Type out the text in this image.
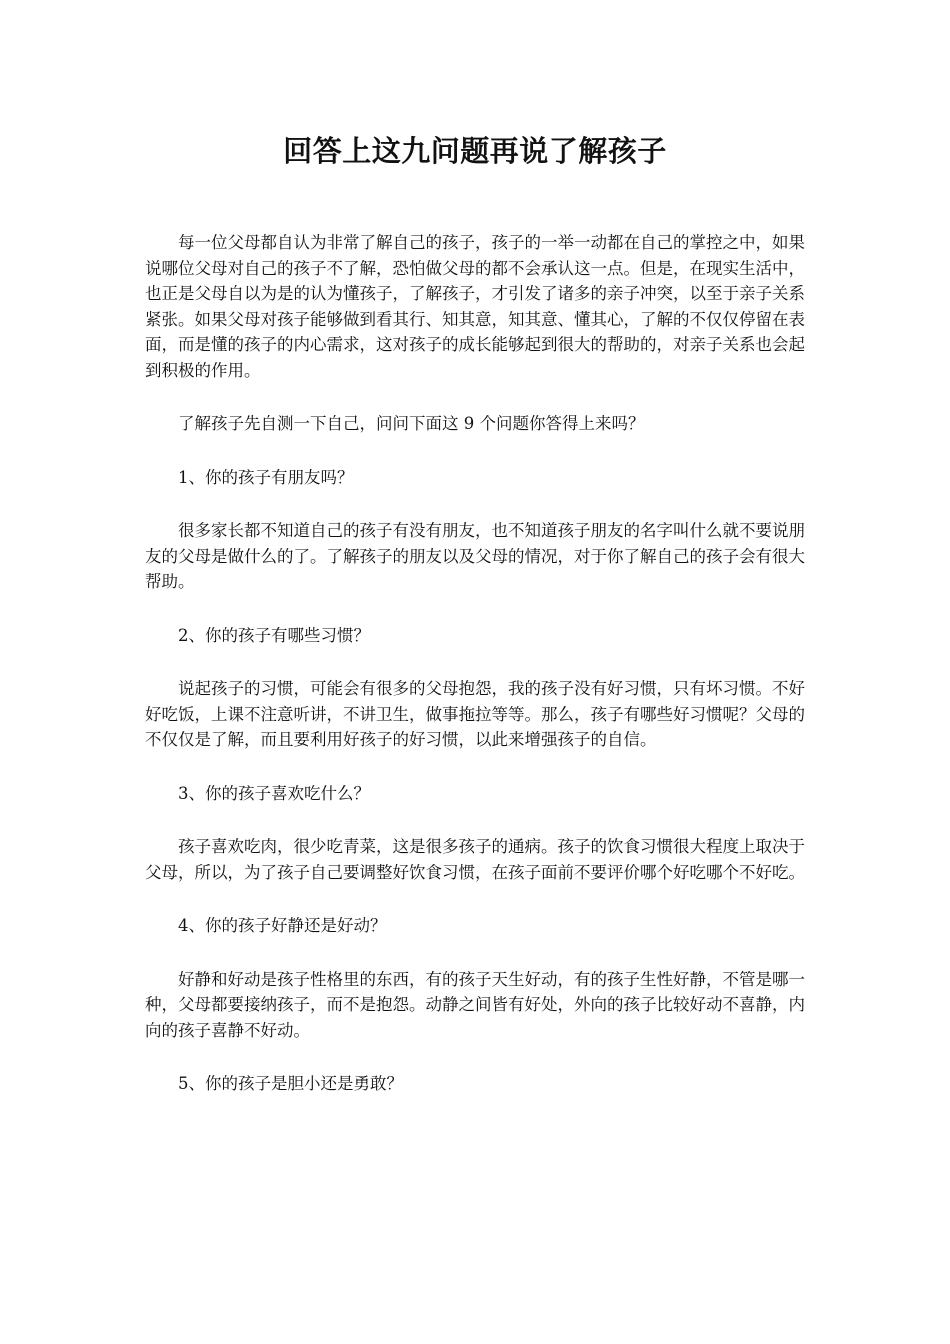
回答上这九问题再说了解孩子

每一位父母都自认为非常了解自己的孩子，孩子的一举一动都在自己的掌控之中，如果说哪位父母对自己的孩子不了解，恐怕做父母的都不会承认这一点。但是，在现实生活中，也正是父母自以为是的认为懂孩子，了解孩子，才引发了诸多的亲子冲突，以至于亲子关系紧张。如果父母对孩子能够做到看其行、知其意，知其意、懂其心，了解的不仅仅停留在表面，而是懂的孩子的内心需求，这对孩子的成长能够起到很大的帮助的，对亲子关系也会起到积极的作用。

了解孩子先自测一下自己，问问下面这 9 个问题你答得上来吗？

1、你的孩子有朋友吗？

很多家长都不知道自己的孩子有没有朋友，也不知道孩子朋友的名字叫什么就不要说朋友的父母是做什么的了。了解孩子的朋友以及父母的情况，对于你了解自己的孩子会有很大帮助。

2、你的孩子有哪些习惯？

说起孩子的习惯，可能会有很多的父母抱怨，我的孩子没有好习惯，只有坏习惯。不好好吃饭，上课不注意听讲，不讲卫生，做事拖拉等等。那么，孩子有哪些好习惯呢？父母的不仅仅是了解，而且要利用好孩子的好习惯，以此来增强孩子的自信。

3、你的孩子喜欢吃什么？

孩子喜欢吃肉，很少吃青菜，这是很多孩子的通病。孩子的饮食习惯很大程度上取决于父母，所以，为了孩子自己要调整好饮食习惯，在孩子面前不要评价哪个好吃哪个不好吃。

4、你的孩子好静还是好动？

好静和好动是孩子性格里的东西，有的孩子天生好动，有的孩子生性好静，不管是哪一种，父母都要接纳孩子，而不是抱怨。动静之间皆有好处，外向的孩子比较好动不喜静，内向的孩子喜静不好动。

5、你的孩子是胆小还是勇敢？
